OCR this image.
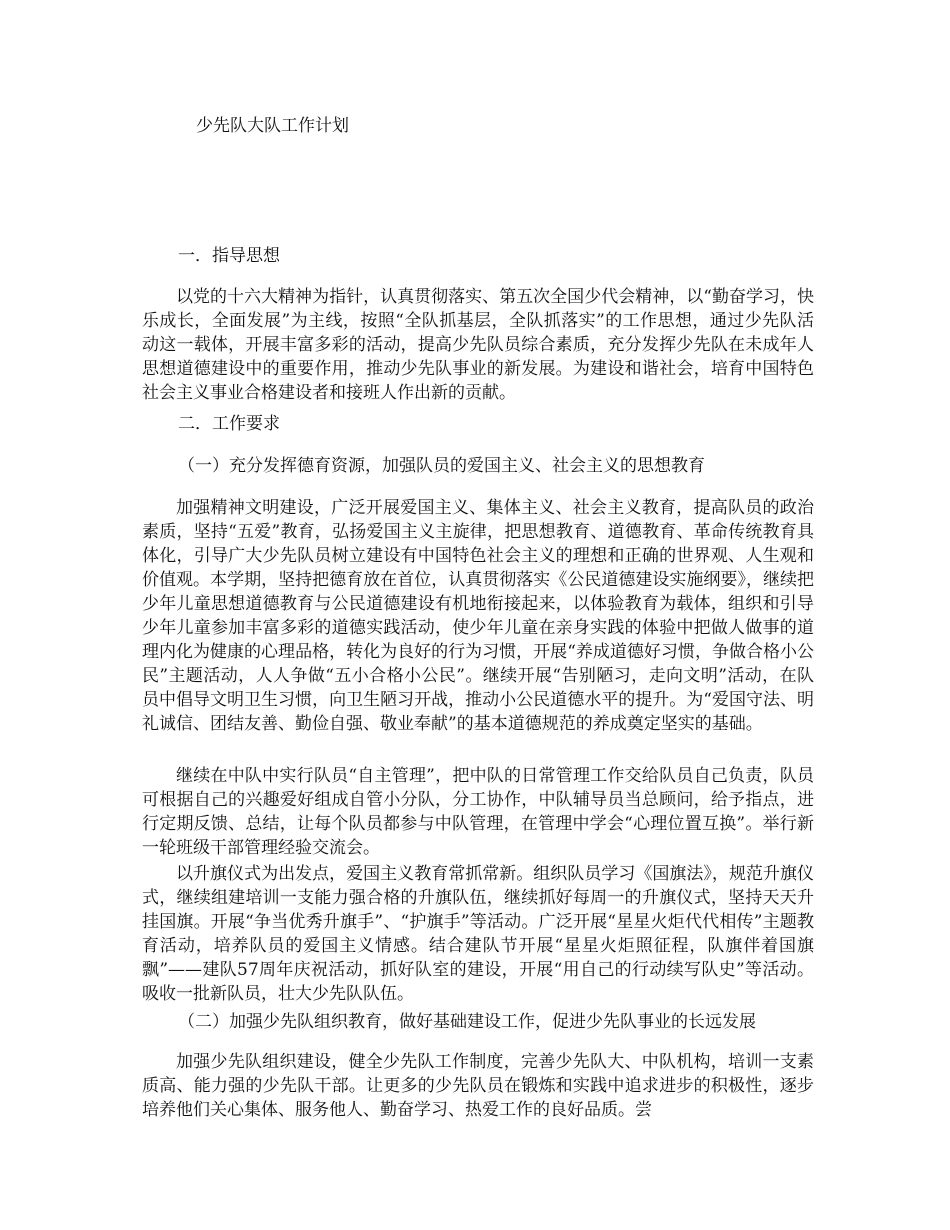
少先队大队工作计划
一．指导思想

以党的十六大精神为指针，认真贯彻落实、第五次全国少代会精神，以“勤奋学习，快乐成长，全面发展”为主线，按照“全队抓基层，全队抓落实”的工作思想，通过少先队活动这一载体，开展丰富多彩的活动，提高少先队员综合素质，充分发挥少先队在未成年人思想道德建设中的重要作用，推动少先队事业的新发展。为建设和谐社会，培育中国特色社会主义事业合格建设者和接班人作出新的贡献。

二．工作要求
（一）充分发挥德育资源，加强队员的爱国主义、社会主义的思想教育

加强精神文明建设，广泛开展爱国主义、集体主义、社会主义教育，提高队员的政治素质，坚持“五爱”教育，弘扬爱国主义主旋律，把思想教育、道德教育、革命传统教育具体化，引导广大少先队员树立建设有中国特色社会主义的理想和正确的世界观、人生观和价值观。本学期，坚持把德育放在首位，认真贯彻落实《公民道德建设实施纲要》，继续把少年儿童思想道德教育与公民道德建设有机地衔接起来，以体验教育为载体，组织和引导少年儿童参加丰富多彩的道德实践活动，使少年儿童在亲身实践的体验中把做人做事的道理内化为健康的心理品格，转化为良好的行为习惯，开展“养成道德好习惯，争做合格小公民”主题活动，人人争做“五小合格小公民”。继续开展“告别陋习，走向文明”活动，在队员中倡导文明卫生习惯，向卫生陋习开战，推动小公民道德水平的提升。为“爱国守法、明礼诚信、团结友善、勤俭自强、敬业奉献”的基本道德规范的养成奠定坚实的基础。

继续在中队中实行队员“自主管理”，把中队的日常管理工作交给队员自己负责，队员可根据自己的兴趣爱好组成自管小分队，分工协作，中队辅导员当总顾问，给予指点，进行定期反馈、总结，让每个队员都参与中队管理，在管理中学会“心理位置互换”。举行新一轮班级干部管理经验交流会。

以升旗仪式为出发点，爱国主义教育常抓常新。组织队员学习《国旗法》，规范升旗仪式，继续组建培训一支能力强合格的升旗队伍，继续抓好每周一的升旗仪式，坚持天天升挂国旗。开展“争当优秀升旗手”、“护旗手”等活动。广泛开展“星星火炬代代相传”主题教育活动，培养队员的爱国主义情感。结合建队节开展“星星火炬照征程，队旗伴着国旗飘”——建队57周年庆祝活动，抓好队室的建设，开展“用自己的行动续写队史”等活动。吸收一批新队员，壮大少先队队伍。

（二）加强少先队组织教育，做好基础建设工作，促进少先队事业的长远发展

加强少先队组织建设，健全少先队工作制度，完善少先队大、中队机构，培训一支素质高、能力强的少先队干部。让更多的少先队员在锻炼和实践中追求进步的积极性，逐步培养他们关心集体、服务他人、勤奋学习、热爱工作的良好品质。尝
